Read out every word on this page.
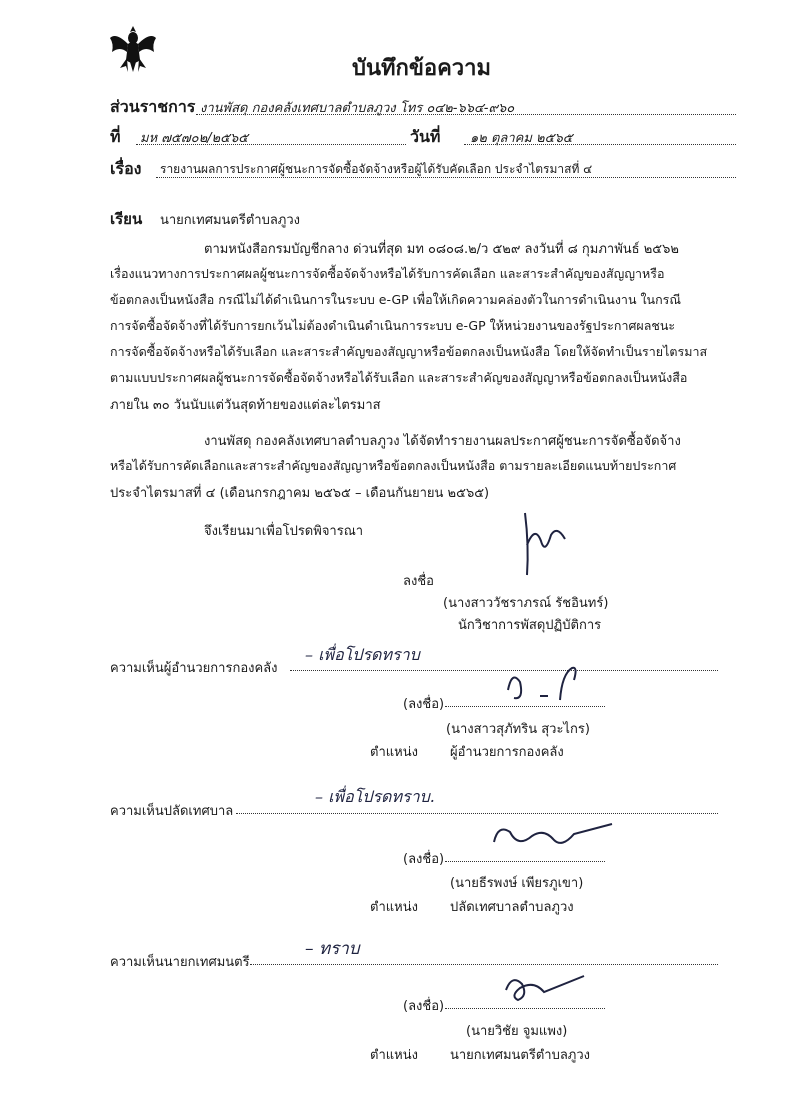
บันทึกข้อความ
ส่วนราชการ งานพัสดุ กองคลังเทศบาลตำบลภูวง โทร ๐๔๒-๖๖๔-๙๖๐
ที่ มห ๗๕๗๐๒/๒๕๖๕	วันที่ ๑๒ ตุลาคม ๒๕๖๕
เรื่อง รายงานผลการประกาศผู้ชนะการจัดซื้อจัดจ้างหรือผู้ได้รับคัดเลือก ประจำไตรมาสที่ ๔
เรียน นายกเทศมนตรีตำบลภูวง
ตามหนังสือกรมบัญชีกลาง ด่วนที่สุด มท ๐๘๐๘.๒/ว ๕๒๙ ลงวันที่ ๘ กุมภาพันธ์ ๒๕๖๒
เรื่องแนวทางการประกาศผลผู้ชนะการจัดซื้อจัดจ้างหรือได้รับการคัดเลือก และสาระสำคัญของสัญญาหรือ
ข้อตกลงเป็นหนังสือ กรณีไม่ได้ดำเนินการในระบบ e-GP เพื่อให้เกิดความคล่องตัวในการดำเนินงาน ในกรณี
การจัดซื้อจัดจ้างที่ได้รับการยกเว้นไม่ต้องดำเนินดำเนินการระบบ e-GP ให้หน่วยงานของรัฐประกาศผลชนะ
การจัดซื้อจัดจ้างหรือได้รับเลือก และสาระสำคัญของสัญญาหรือข้อตกลงเป็นหนังสือ โดยให้จัดทำเป็นรายไตรมาส
ตามแบบประกาศผลผู้ชนะการจัดซื้อจัดจ้างหรือได้รับเลือก และสาระสำคัญของสัญญาหรือข้อตกลงเป็นหนังสือ
ภายใน ๓๐ วันนับแต่วันสุดท้ายของแต่ละไตรมาส
งานพัสดุ กองคลังเทศบาลตำบลภูวง ได้จัดทำรายงานผลประกาศผู้ชนะการจัดซื้อจัดจ้าง
หรือได้รับการคัดเลือกและสาระสำคัญของสัญญาหรือข้อตกลงเป็นหนังสือ ตามรายละเอียดแนบท้ายประกาศ
ประจำไตรมาสที่ ๔ (เดือนกรกฎาคม ๒๕๖๕ – เดือนกันยายน ๒๕๖๕)
จึงเรียนมาเพื่อโปรดพิจารณา
ลงชื่อ
(นางสาววัชราภรณ์ รัชอินทร์)
นักวิชาการพัสดุปฏิบัติการ
ความเห็นผู้อำนวยการกองคลัง
– เพื่อโปรดทราบ
(ลงชื่อ)
(นางสาวสุภัทริน สุวะไกร)
ตำแหน่ง ผู้อำนวยการกองคลัง
ความเห็นปลัดเทศบาล
– เพื่อโปรดทราบ.
(ลงชื่อ)
(นายธีรพงษ์ เพียรภูเขา)
ตำแหน่ง ปลัดเทศบาลตำบลภูวง
ความเห็นนายกเทศมนตรี
– ทราบ
(ลงชื่อ)
(นายวิชัย จูมแพง)
ตำแหน่ง นายกเทศมนตรีตำบลภูวง
